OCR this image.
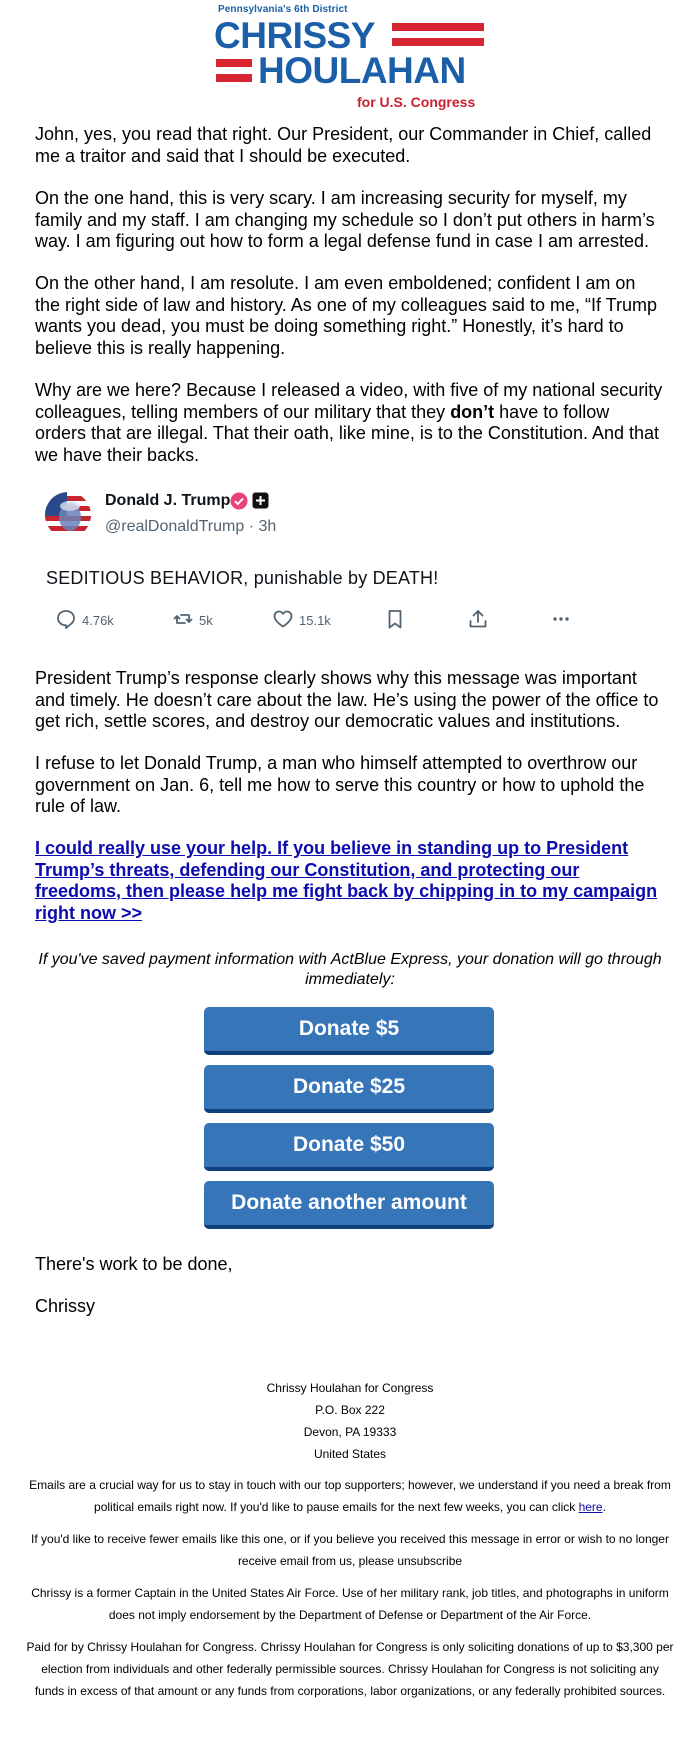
Pennsylvania's 6th District
CHRISSY
HOULAHAN
for U.S. Congress

John, yes, you read that right. Our President, our Commander in Chief, called me a traitor and said that I should be executed.

On the one hand, this is very scary. I am increasing security for myself, my family and my staff. I am changing my schedule so I don’t put others in harm’s way. I am figuring out how to form a legal defense fund in case I am arrested.

On the other hand, I am resolute. I am even emboldened; confident I am on the right side of law and history. As one of my colleagues said to me, “If Trump wants you dead, you must be doing something right.” Honestly, it’s hard to believe this is really happening.

Why are we here? Because I released a video, with five of my national security colleagues, telling members of our military that they don’t have to follow orders that are illegal. That their oath, like mine, is to the Constitution. And that we have their backs.

Donald J. Trump
@realDonaldTrump · 3h
SEDITIOUS BEHAVIOR, punishable by DEATH!
4.76k	5k	15.1k

President Trump’s response clearly shows why this message was important and timely. He doesn’t care about the law. He’s using the power of the office to get rich, settle scores, and destroy our democratic values and institutions.

I refuse to let Donald Trump, a man who himself attempted to overthrow our government on Jan. 6, tell me how to serve this country or how to uphold the rule of law.

I could really use your help. If you believe in standing up to President Trump’s threats, defending our Constitution, and protecting our freedoms, then please help me fight back by chipping in to my campaign right now >>
If you've saved payment information with ActBlue Express, your donation will go through immediately:
Donate $5
Donate $25
Donate $50
Donate another amount

There's work to be done,

Chrissy

Chrissy Houlahan for Congress
P.O. Box 222
Devon, PA 19333
United States
Emails are a crucial way for us to stay in touch with our top supporters; however, we understand if you need a break from political emails right now. If you'd like to pause emails for the next few weeks, you can click here.
If you'd like to receive fewer emails like this one, or if you believe you received this message in error or wish to no longer receive email from us, please unsubscribe
Chrissy is a former Captain in the United States Air Force. Use of her military rank, job titles, and photographs in uniform does not imply endorsement by the Department of Defense or Department of the Air Force.
Paid for by Chrissy Houlahan for Congress. Chrissy Houlahan for Congress is only soliciting donations of up to $3,300 per election from individuals and other federally permissible sources. Chrissy Houlahan for Congress is not soliciting any funds in excess of that amount or any funds from corporations, labor organizations, or any federally prohibited sources.
